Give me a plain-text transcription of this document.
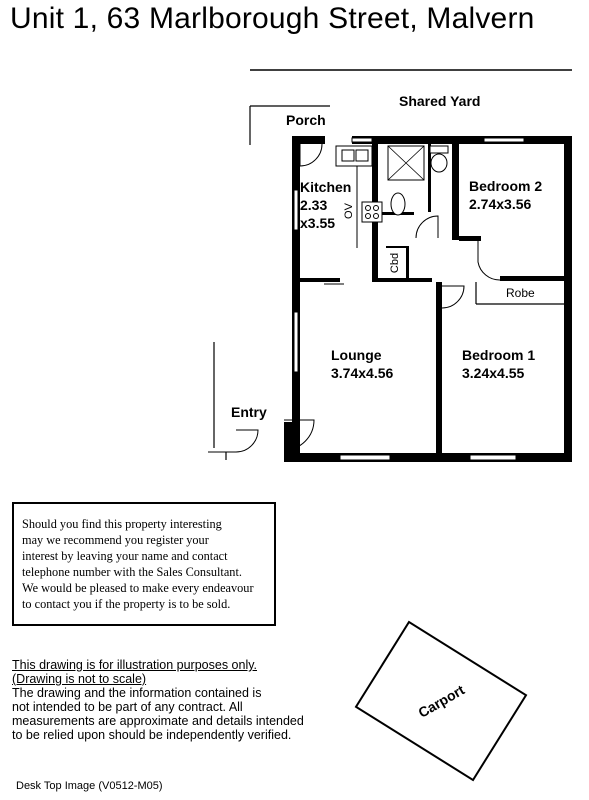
Unit 1, 63 Marlborough Street, Malvern
Shared Yard
Porch
Entry
Kitchen
2.33
x3.55
OV
Cbd
Bedroom 2
2.74x3.56
Robe
Lounge
3.74x4.56
Bedroom 1
3.24x4.55
Should you find this property interesting
may we recommend you register your
interest by leaving your name and contact
telephone number with the Sales Consultant.
We would be pleased to make every endeavour
to contact you if the property is to be sold.
This drawing is for illustration purposes only.
(Drawing is not to scale)
The drawing and the information contained is
not intended to be part of any contract. All
measurements are approximate and details intended
to be relied upon should be independently verified.
Carport
Desk Top Image (V0512-M05)
